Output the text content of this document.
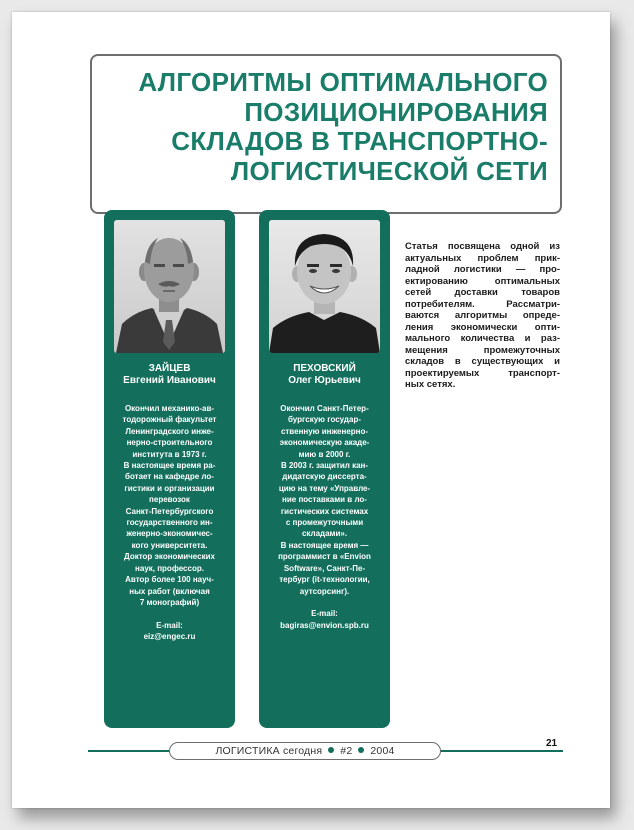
АЛГОРИТМЫ ОПТИМАЛЬНОГО
ПОЗИЦИОНИРОВАНИЯ
СКЛАДОВ В ТРАНСПОРТНО-
ЛОГИСТИЧЕСКОЙ СЕТИ
ЗАЙЦЕВ
Евгений Иванович

Окончил механико-ав-
тодорожный факультет
Ленинградского инже-
нерно-строительного
института в 1973 г.
В настоящее время ра-
ботает на кафедре ло-
гистики и организации
перевозок
Санкт-Петербургского
государственного ин-
женерно-экономичес-
кого университета.
Доктор экономических
наук, профессор.
Автор более 100 науч-
ных работ (включая
7 монографий)
E-mail:
eiz@engec.ru

ПЕХОВСКИЙ
Олег Юрьевич

Окончил Санкт-Петер-
бургскую государ-
ственную инженерно-
экономическую акаде-
мию в 2000 г.
В 2003 г. защитил кан-
дидатскую диссерта-
цию на тему «Управле-
ние поставками в ло-
гистических системах
с промежуточными
складами».
В настоящее время —
программист в «Envion
Software», Санкт-Пе-
тербург (it-технологии,
аутсорсинг).
E-mail:
bagiras@envion.spb.ru

Статья посвящена одной из
актуальных проблем прик-
ладной логистики — про-
ектированию оптимальных
сетей доставки товаров
потребителям. Рассматри-
ваются алгоритмы опреде-
ления экономически опти-
мального количества и раз-
мещения промежуточных
складов в существующих и
проектируемых транспорт-
ных сетях.

ЛОГИСТИКА сегодня #2 2004
21
